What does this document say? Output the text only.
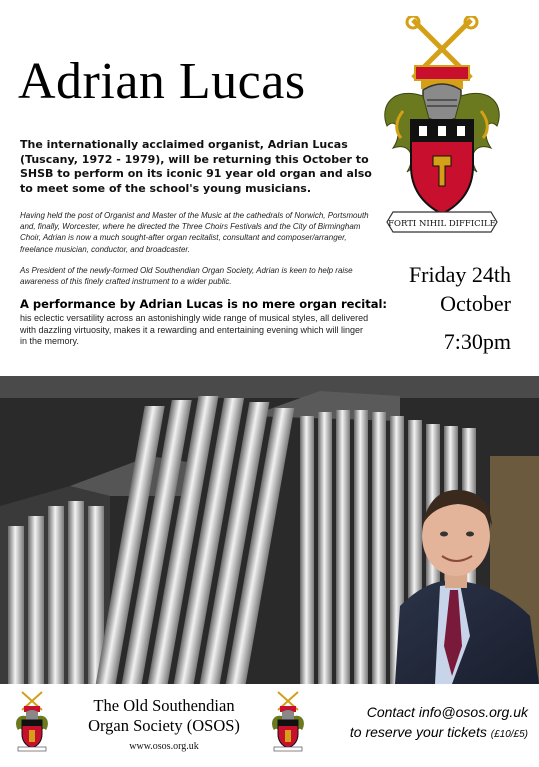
Adrian Lucas
FORTI NIHIL DIFFICILE
The internationally acclaimed organist, Adrian Lucas (Tuscany, 1972 - 1979), will be returning this October to SHSB to perform on its iconic 91 year old organ and also to meet some of the school's young musicians.
Having held the post of Organist and Master of the Music at the cathedrals of Norwich, Portsmouth and, finally, Worcester, where he directed the Three Choirs Festivals and the City of Birmingham Choir, Adrian is now a much sought-after organ recitalist, consultant and composer/arranger, freelance musician, conductor, and broadcaster.
As President of the newly-formed Old Southendian Organ Society, Adrian is keen to help raise awareness of this finely crafted instrument to a wider public.
A performance by Adrian Lucas is no mere organ recital:
his eclectic versatility across an astonishingly wide range of musical styles, all delivered with dazzling virtuosity, makes it a rewarding and entertaining evening which will linger in the memory.
Friday 24th
October
7:30pm
The Old Southendian
Organ Society (OSOS)
www.osos.org.uk
Contact info@osos.org.uk
to reserve your tickets (£10/£5)
